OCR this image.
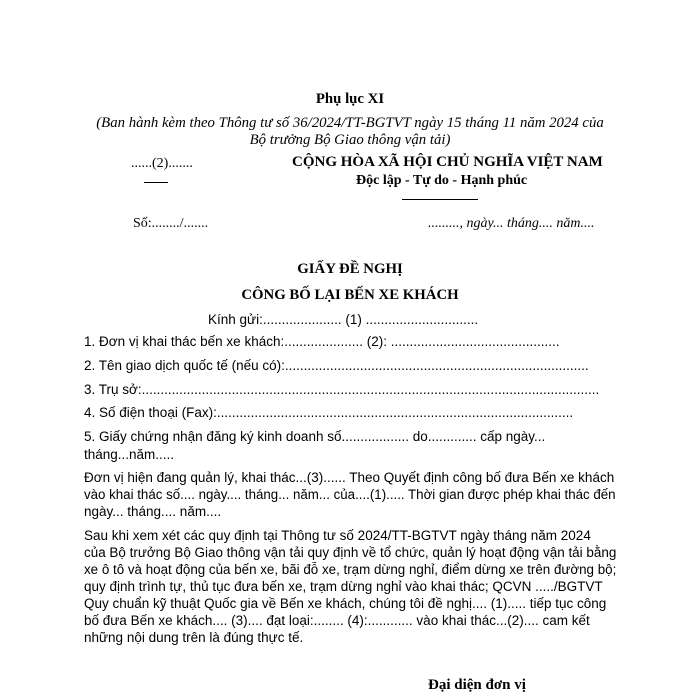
Phụ lục XI
(Ban hành kèm theo Thông tư số 36/2024/TT-BGTVT ngày 15 tháng 11 năm 2024 của
Bộ trưởng Bộ Giao thông vận tải)
......(2).......
Số:......../.......
CỘNG HÒA XÃ HỘI CHỦ NGHĨA VIỆT NAM
Độc lập - Tự do - Hạnh phúc
........., ngày... tháng.... năm....
GIẤY ĐỀ NGHỊ
CÔNG BỐ LẠI BẾN XE KHÁCH
Kính gửi:..................... (1) ..............................
1. Đơn vị khai thác bến xe khách:..................... (2): .............................................
2. Tên giao dịch quốc tế (nếu có):.................................................................................
3. Trụ sở:..........................................................................................................................
4. Số điện thoại (Fax):...............................................................................................
5. Giấy chứng nhận đăng ký kinh doanh số.................. do............. cấp ngày...
tháng...năm.....
Đơn vị hiện đang quản lý, khai thác...(3)...... Theo Quyết định công bố đưa Bến xe khách
vào khai thác số.... ngày.... tháng... năm... của....(1)..... Thời gian được phép khai thác đến
ngày... tháng.... năm....
Sau khi xem xét các quy định tại Thông tư số 2024/TT-BGTVT ngày tháng năm 2024
của Bộ trưởng Bộ Giao thông vận tải quy định về tổ chức, quản lý hoạt động vận tải bằng
xe ô tô và hoạt động của bến xe, bãi đỗ xe, trạm dừng nghỉ, điểm dừng xe trên đường bộ;
quy định trình tự, thủ tục đưa bến xe, trạm dừng nghỉ vào khai thác; QCVN ...../BGTVT
Quy chuẩn kỹ thuật Quốc gia về Bến xe khách, chúng tôi đề nghị.... (1)..... tiếp tục công
bố đưa Bến xe khách.... (3).... đạt loại:........ (4):............ vào khai thác...(2).... cam kết
những nội dung trên là đúng thực tế.
Đại diện đơn vị
